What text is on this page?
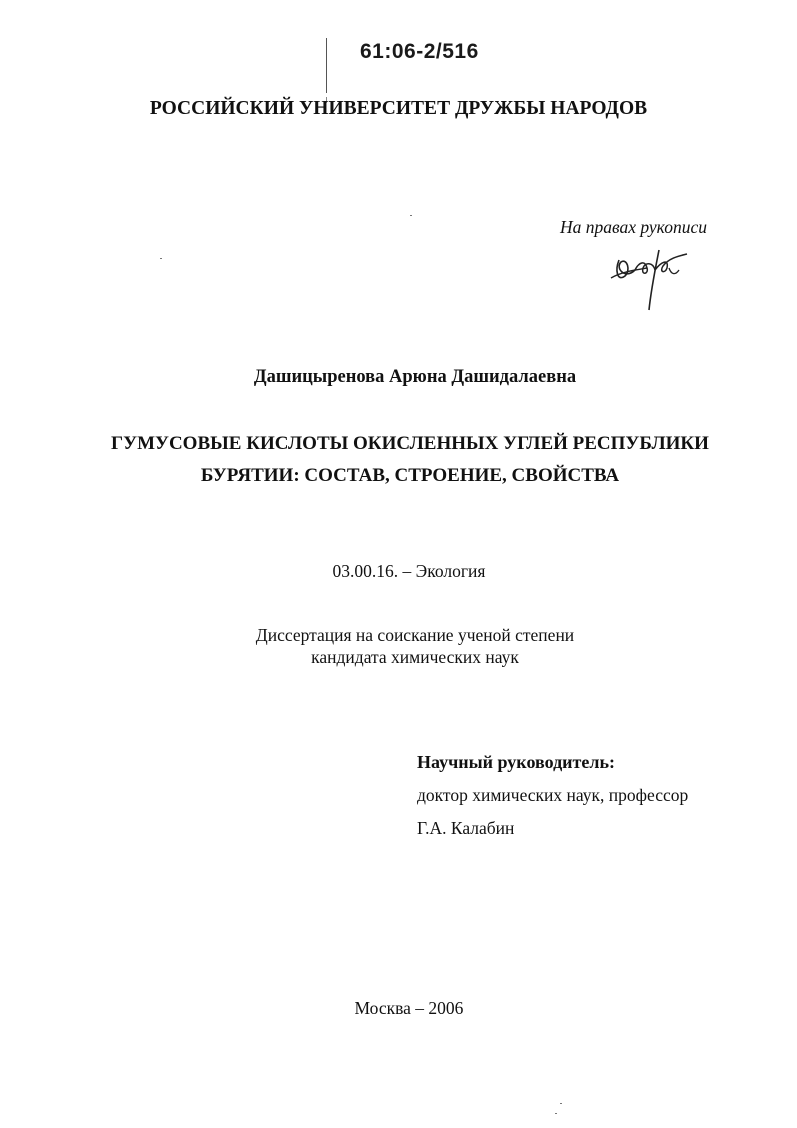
61:06-2/516
РОССИЙСКИЙ УНИВЕРСИТЕТ ДРУЖБЫ НАРОДОВ
На правах рукописи
Дашицыренова Арюна Дашидалаевна
ГУМУСОВЫЕ КИСЛОТЫ ОКИСЛЕННЫХ УГЛЕЙ РЕСПУБЛИКИ
БУРЯТИИ: СОСТАВ, СТРОЕНИЕ, СВОЙСТВА
03.00.16. – Экология
Диссертация на соискание ученой степени
кандидата химических наук
Научный руководитель:
доктор химических наук, профессор
Г.А. Калабин
Москва – 2006
